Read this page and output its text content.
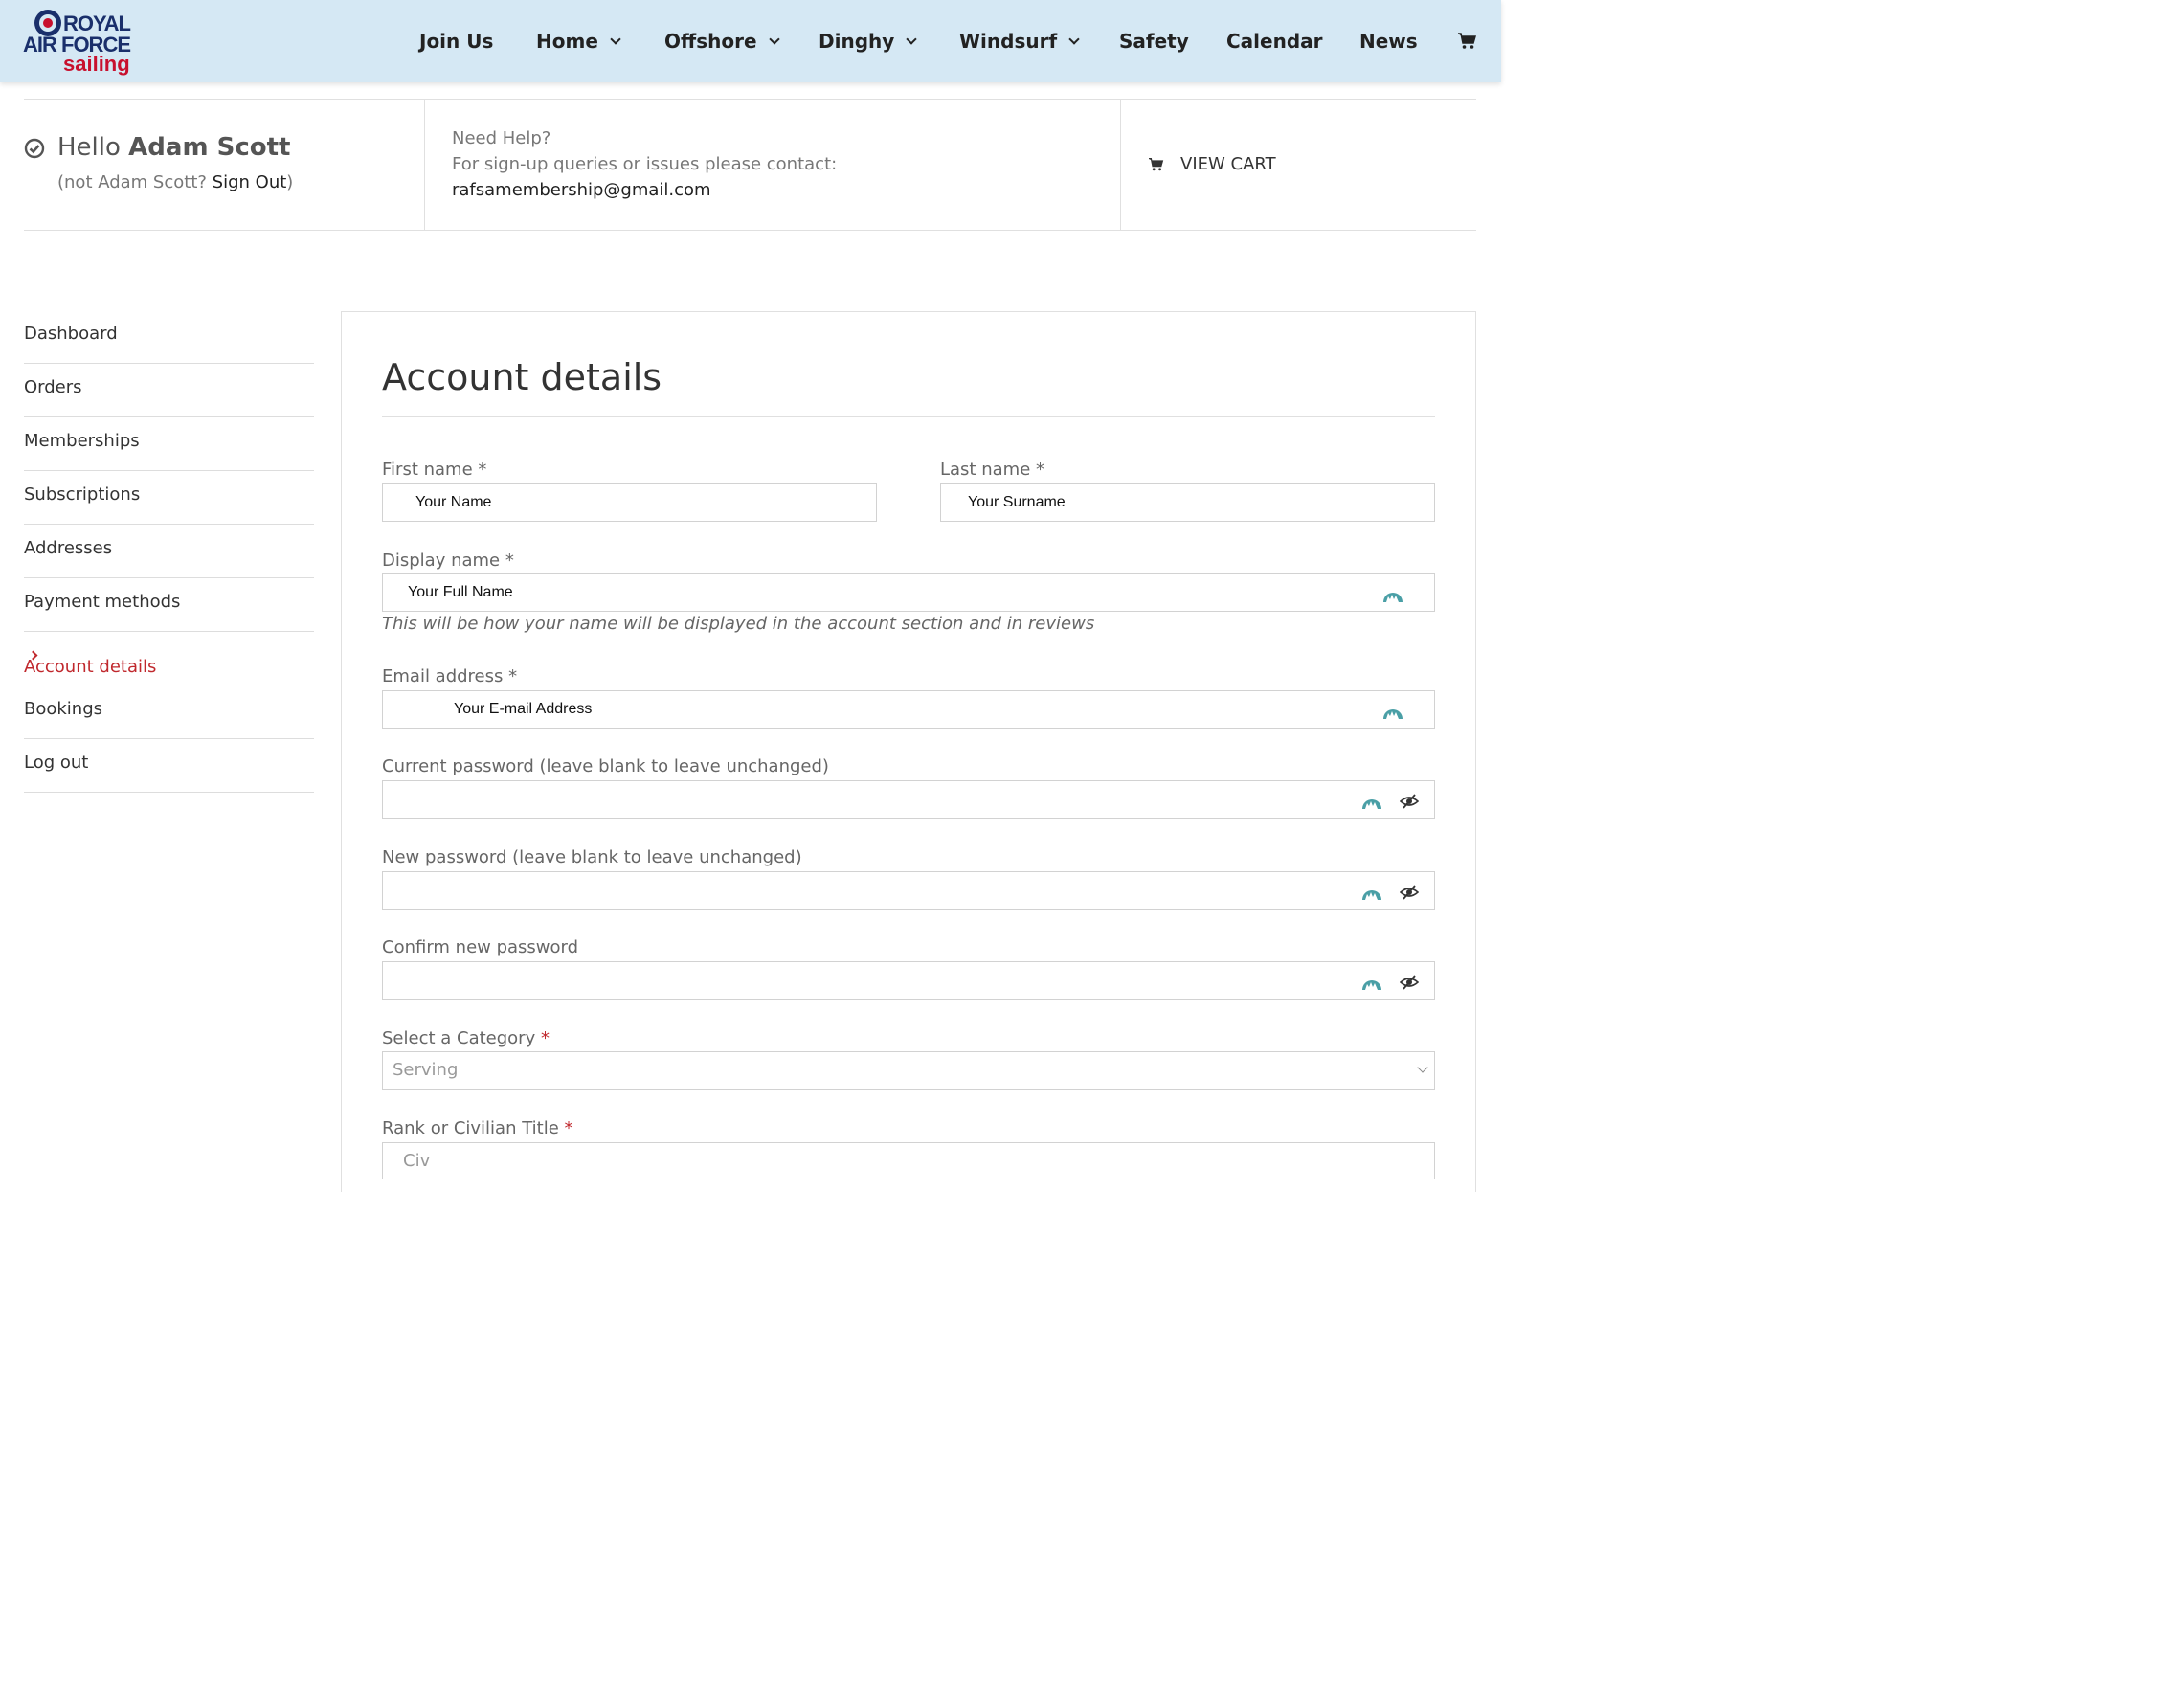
ROYAL
AIR FORCE
sailing
Join Us Home	Offshore	Dinghy	Windsurf	Safety Calendar News
Hello Adam Scott
(not Adam Scott? Sign Out)
Need Help?
For sign-up queries or issues please contact:
rafsamembership@gmail.com
VIEW CART
Dashboard
Orders
Memberships
Subscriptions
Addresses
Payment methods
Account details
Bookings
Log out
Account details
First name *
Your Name
Last name *
Your Surname
Display name *
Your Full Name
This will be how your name will be displayed in the account section and in reviews
Email address *
Your E-mail Address
Current password (leave blank to leave unchanged)
New password (leave blank to leave unchanged)
Confirm new password
Select a Category *
Serving
Rank or Civilian Title *
Civ
